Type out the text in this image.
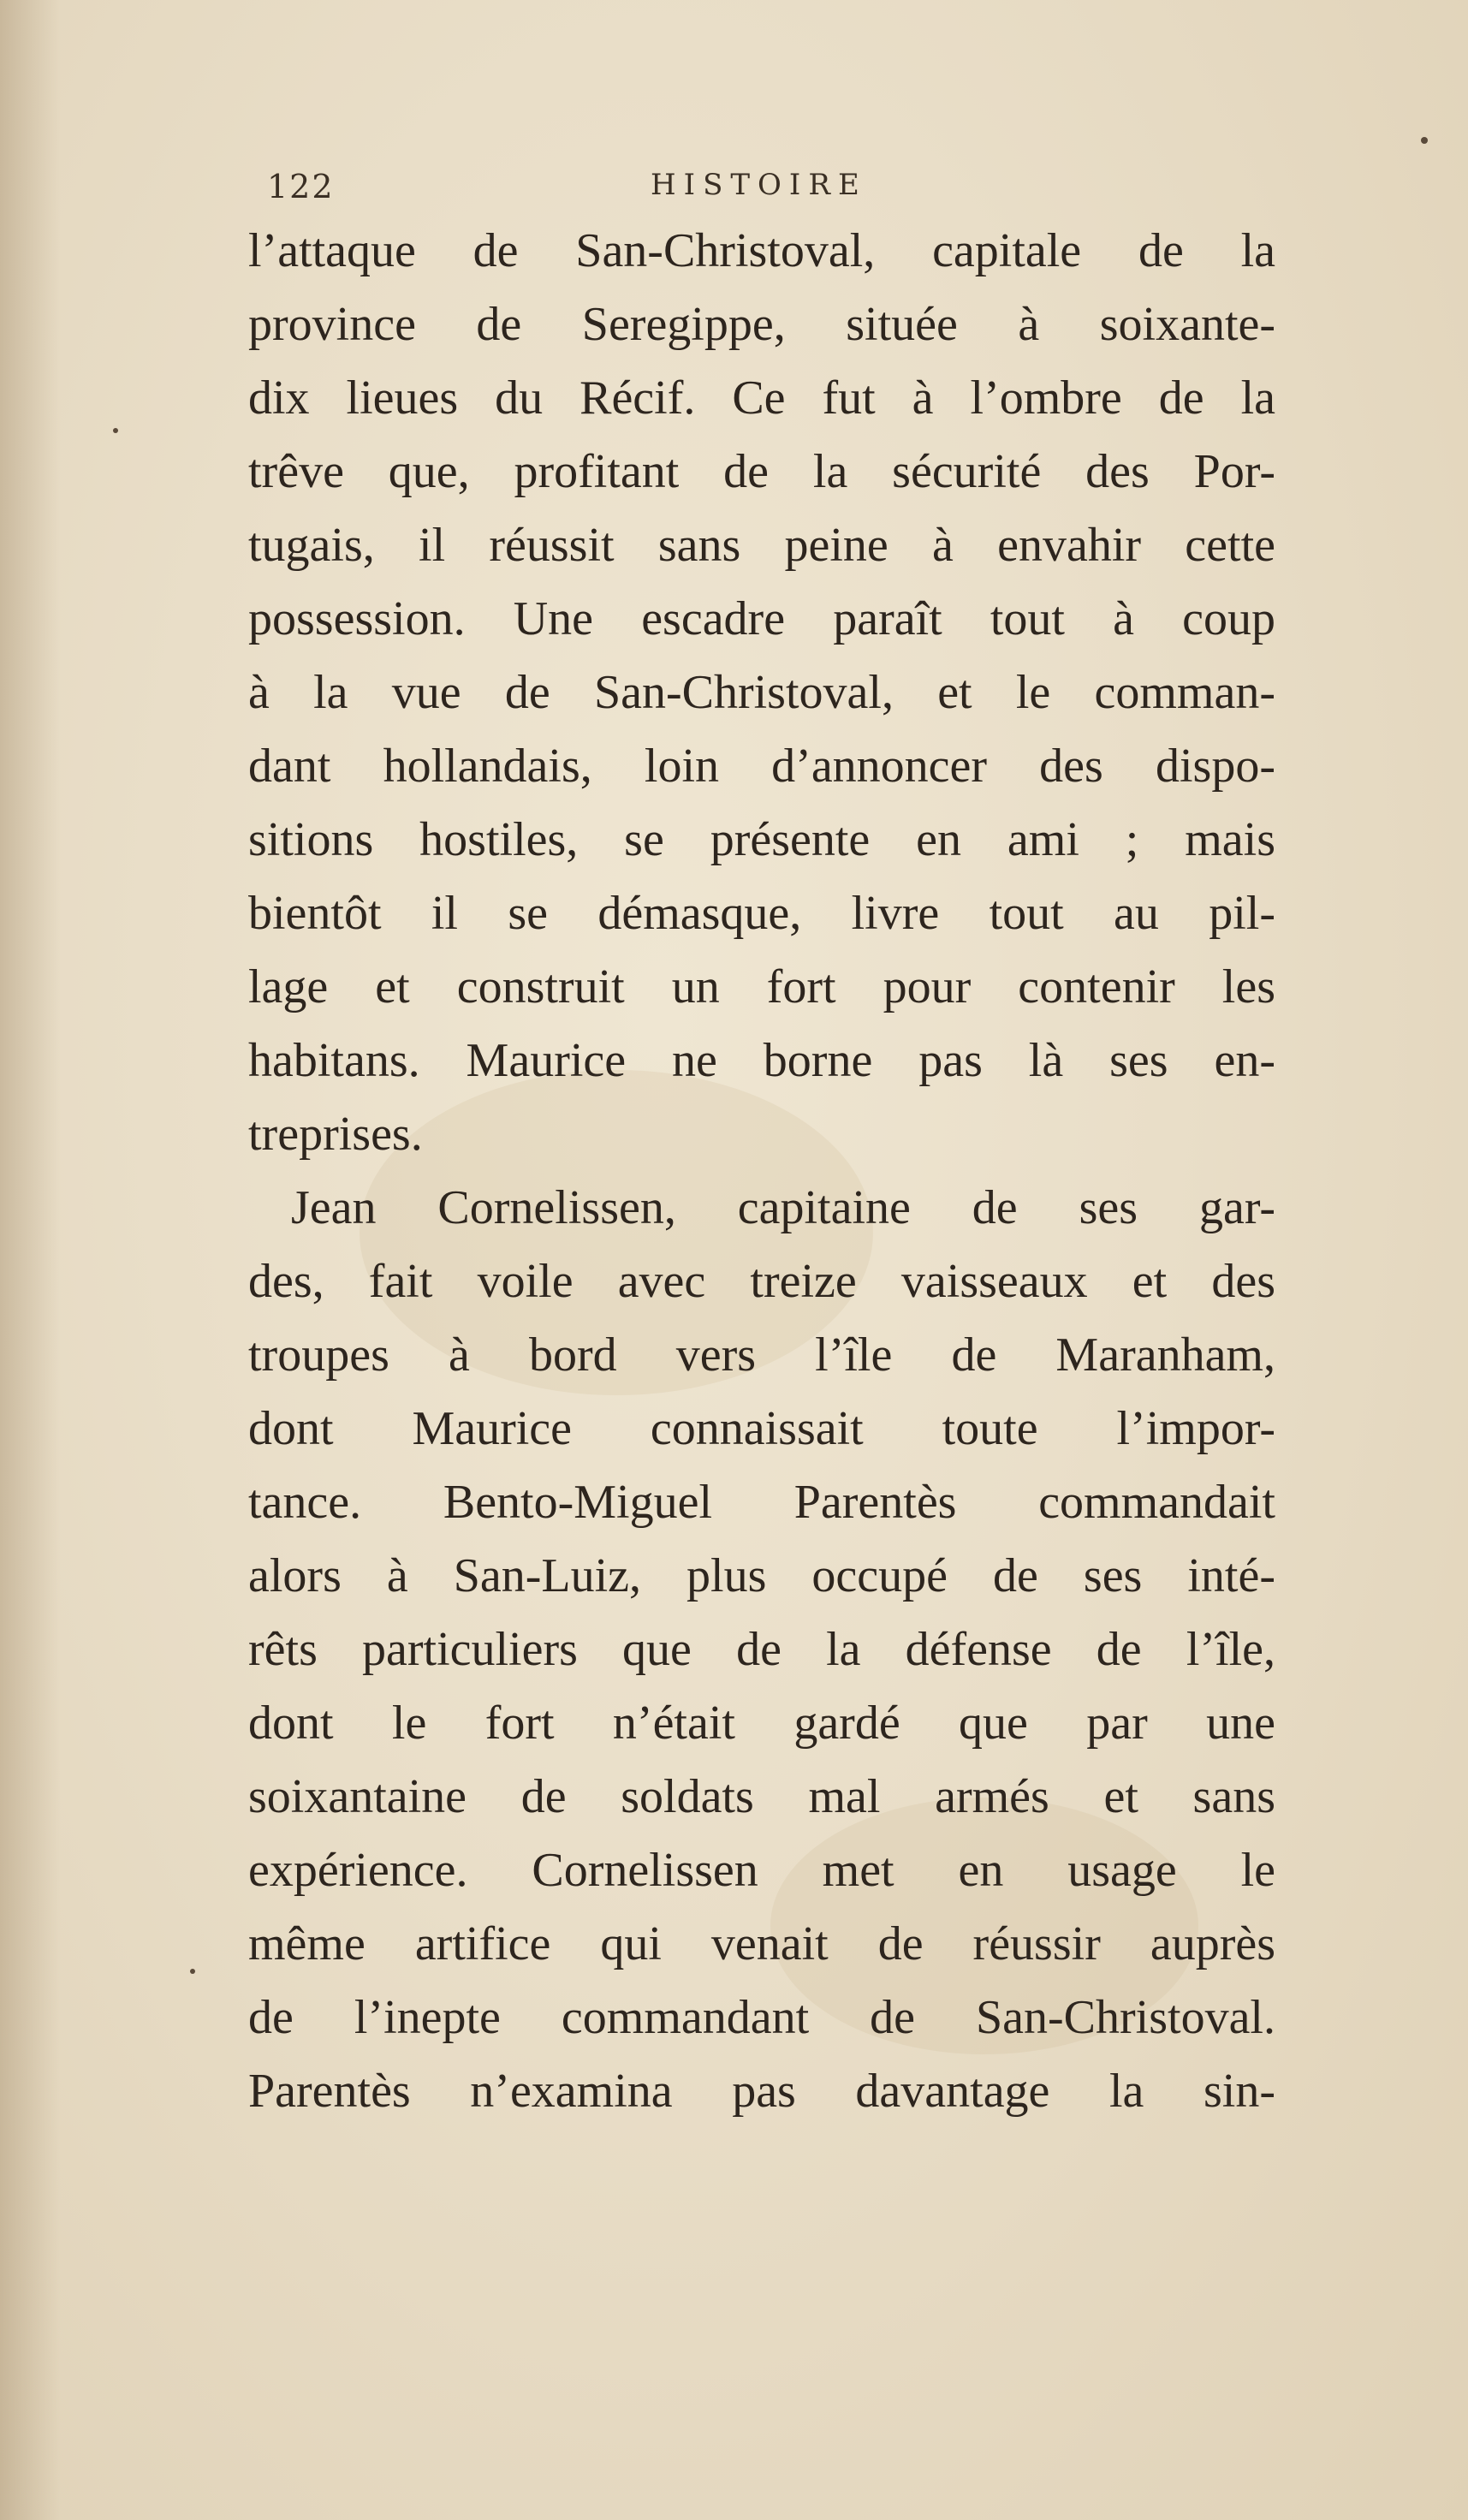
122	HISTOIRE
l’attaque de San-Christoval, capitale de la
province de Seregippe, située à soixante-
dix lieues du Récif. Ce fut à l’ombre de la
trêve que, profitant de la sécurité des Por-
tugais, il réussit sans peine à envahir cette
possession. Une escadre paraît tout à coup
à la vue de San-Christoval, et le comman-
dant hollandais, loin d’annoncer des dispo-
sitions hostiles, se présente en ami ; mais
bientôt il se démasque, livre tout au pil-
lage et construit un fort pour contenir les
habitans. Maurice ne borne pas là ses en-
treprises.
Jean Cornelissen, capitaine de ses gar-
des, fait voile avec treize vaisseaux et des
troupes à bord vers l’île de Maranham,
dont Maurice connaissait toute l’impor-
tance. Bento-Miguel Parentès commandait
alors à San-Luiz, plus occupé de ses inté-
rêts particuliers que de la défense de l’île,
dont le fort n’était gardé que par une
soixantaine de soldats mal armés et sans
expérience. Cornelissen met en usage le
même artifice qui venait de réussir auprès
de l’inepte commandant de San-Christoval.
Parentès n’examina pas davantage la sin-
